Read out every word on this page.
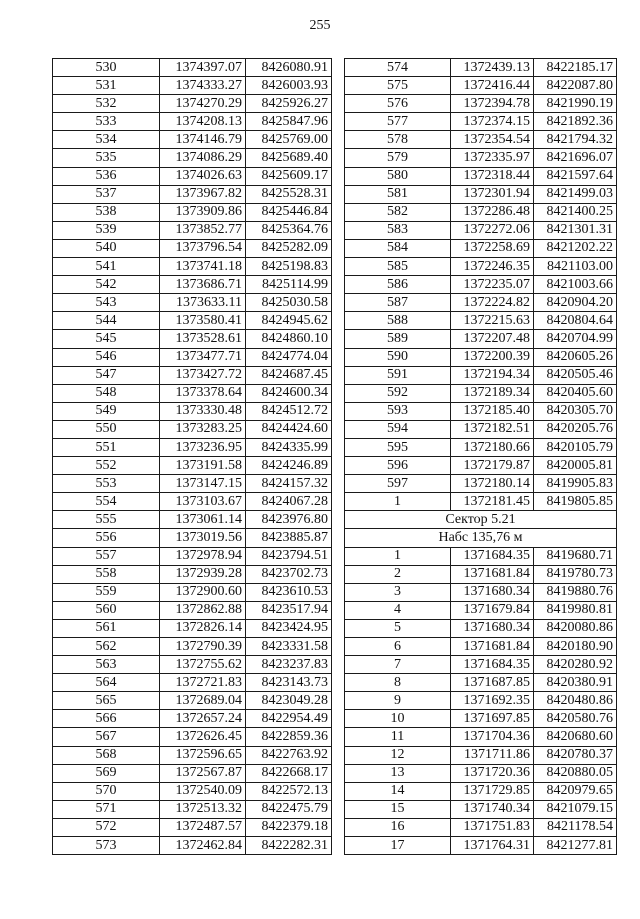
255
530	1374397.07	8426080.91
531	1374333.27	8426003.93
532	1374270.29	8425926.27
533	1374208.13	8425847.96
534	1374146.79	8425769.00
535	1374086.29	8425689.40
536	1374026.63	8425609.17
537	1373967.82	8425528.31
538	1373909.86	8425446.84
539	1373852.77	8425364.76
540	1373796.54	8425282.09
541	1373741.18	8425198.83
542	1373686.71	8425114.99
543	1373633.11	8425030.58
544	1373580.41	8424945.62
545	1373528.61	8424860.10
546	1373477.71	8424774.04
547	1373427.72	8424687.45
548	1373378.64	8424600.34
549	1373330.48	8424512.72
550	1373283.25	8424424.60
551	1373236.95	8424335.99
552	1373191.58	8424246.89
553	1373147.15	8424157.32
554	1373103.67	8424067.28
555	1373061.14	8423976.80
556	1373019.56	8423885.87
557	1372978.94	8423794.51
558	1372939.28	8423702.73
559	1372900.60	8423610.53
560	1372862.88	8423517.94
561	1372826.14	8423424.95
562	1372790.39	8423331.58
563	1372755.62	8423237.83
564	1372721.83	8423143.73
565	1372689.04	8423049.28
566	1372657.24	8422954.49
567	1372626.45	8422859.36
568	1372596.65	8422763.92
569	1372567.87	8422668.17
570	1372540.09	8422572.13
571	1372513.32	8422475.79
572	1372487.57	8422379.18
573	1372462.84	8422282.31
574	1372439.13	8422185.17
575	1372416.44	8422087.80
576	1372394.78	8421990.19
577	1372374.15	8421892.36
578	1372354.54	8421794.32
579	1372335.97	8421696.07
580	1372318.44	8421597.64
581	1372301.94	8421499.03
582	1372286.48	8421400.25
583	1372272.06	8421301.31
584	1372258.69	8421202.22
585	1372246.35	8421103.00
586	1372235.07	8421003.66
587	1372224.82	8420904.20
588	1372215.63	8420804.64
589	1372207.48	8420704.99
590	1372200.39	8420605.26
591	1372194.34	8420505.46
592	1372189.34	8420405.60
593	1372185.40	8420305.70
594	1372182.51	8420205.76
595	1372180.66	8420105.79
596	1372179.87	8420005.81
597	1372180.14	8419905.83
1	1372181.45	8419805.85
Сектор 5.21		
Набс 135,76 м		
1	1371684.35	8419680.71
2	1371681.84	8419780.73
3	1371680.34	8419880.76
4	1371679.84	8419980.81
5	1371680.34	8420080.86
6	1371681.84	8420180.90
7	1371684.35	8420280.92
8	1371687.85	8420380.91
9	1371692.35	8420480.86
10	1371697.85	8420580.76
11	1371704.36	8420680.60
12	1371711.86	8420780.37
13	1371720.36	8420880.05
14	1371729.85	8420979.65
15	1371740.34	8421079.15
16	1371751.83	8421178.54
17	1371764.31	8421277.81
